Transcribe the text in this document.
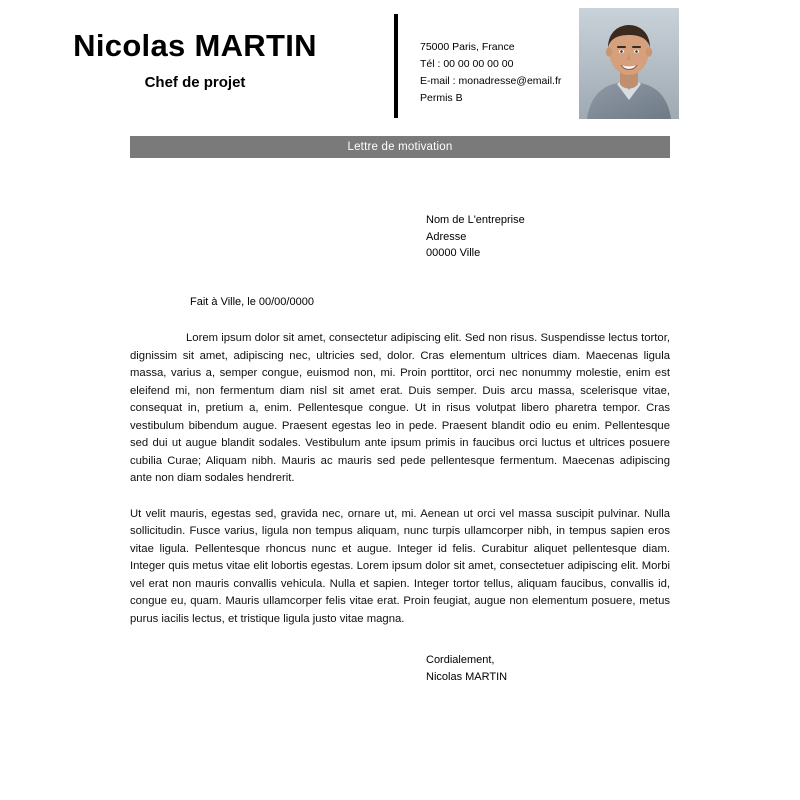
Nicolas MARTIN
Chef de projet
75000 Paris, France
Tél : 00 00 00 00 00
E-mail : monadresse@email.fr
Permis B
Lettre de motivation
Nom de L'entreprise
Adresse
00000 Ville
Fait à Ville, le 00/00/0000

Lorem ipsum dolor sit amet, consectetur adipiscing elit. Sed non risus. Suspendisse lectus tortor, dignissim sit amet, adipiscing nec, ultricies sed, dolor. Cras elementum ultrices diam. Maecenas ligula massa, varius a, semper congue, euismod non, mi. Proin porttitor, orci nec nonummy molestie, enim est eleifend mi, non fermentum diam nisl sit amet erat. Duis semper. Duis arcu massa, scelerisque vitae, consequat in, pretium a, enim. Pellentesque congue. Ut in risus volutpat libero pharetra tempor. Cras vestibulum bibendum augue. Praesent egestas leo in pede. Praesent blandit odio eu enim. Pellentesque sed dui ut augue blandit sodales. Vestibulum ante ipsum primis in faucibus orci luctus et ultrices posuere cubilia Curae; Aliquam nibh. Mauris ac mauris sed pede pellentesque fermentum. Maecenas adipiscing ante non diam sodales hendrerit.

Ut velit mauris, egestas sed, gravida nec, ornare ut, mi. Aenean ut orci vel massa suscipit pulvinar. Nulla sollicitudin. Fusce varius, ligula non tempus aliquam, nunc turpis ullamcorper nibh, in tempus sapien eros vitae ligula. Pellentesque rhoncus nunc et augue. Integer id felis. Curabitur aliquet pellentesque diam. Integer quis metus vitae elit lobortis egestas. Lorem ipsum dolor sit amet, consectetuer adipiscing elit. Morbi vel erat non mauris convallis vehicula. Nulla et sapien. Integer tortor tellus, aliquam faucibus, convallis id, congue eu, quam. Mauris ullamcorper felis vitae erat. Proin feugiat, augue non elementum posuere, metus purus iacilis lectus, et tristique ligula justo vitae magna.

Cordialement,
Nicolas MARTIN
